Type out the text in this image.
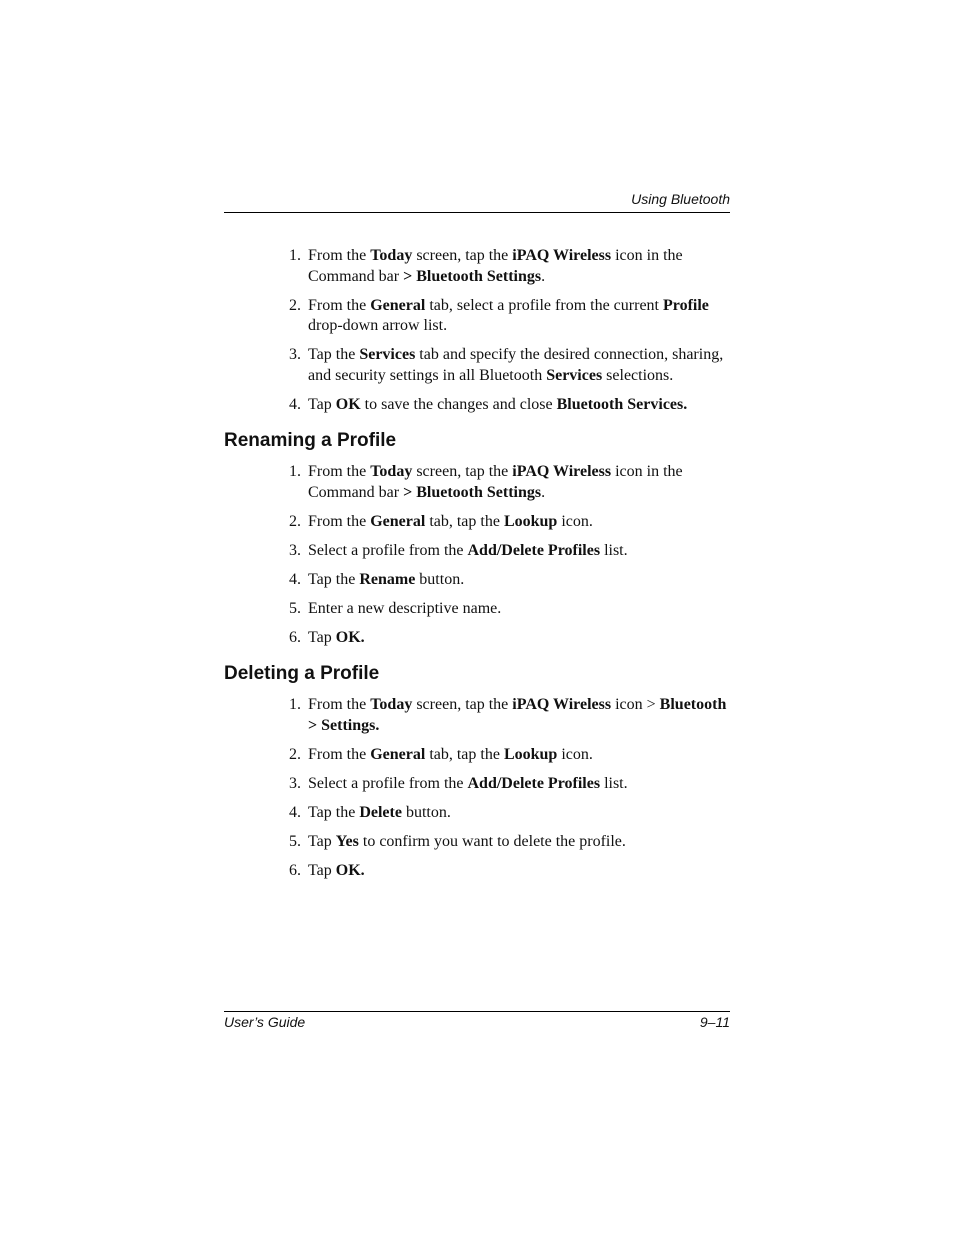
Using Bluetooth
1. From the Today screen, tap the iPAQ Wireless icon in the Command bar > Bluetooth Settings.
2. From the General tab, select a profile from the current Profile drop-down arrow list.
3. Tap the Services tab and specify the desired connection, sharing, and security settings in all Bluetooth Services selections.
4. Tap OK to save the changes and close Bluetooth Services.
Renaming a Profile
1. From the Today screen, tap the iPAQ Wireless icon in the Command bar > Bluetooth Settings.
2. From the General tab, tap the Lookup icon.
3. Select a profile from the Add/Delete Profiles list.
4. Tap the Rename button.
5. Enter a new descriptive name.
6. Tap OK.
Deleting a Profile
1. From the Today screen, tap the iPAQ Wireless icon > Bluetooth > Settings.
2. From the General tab, tap the Lookup icon.
3. Select a profile from the Add/Delete Profiles list.
4. Tap the Delete button.
5. Tap Yes to confirm you want to delete the profile.
6. Tap OK.
User’s Guide	9–11
